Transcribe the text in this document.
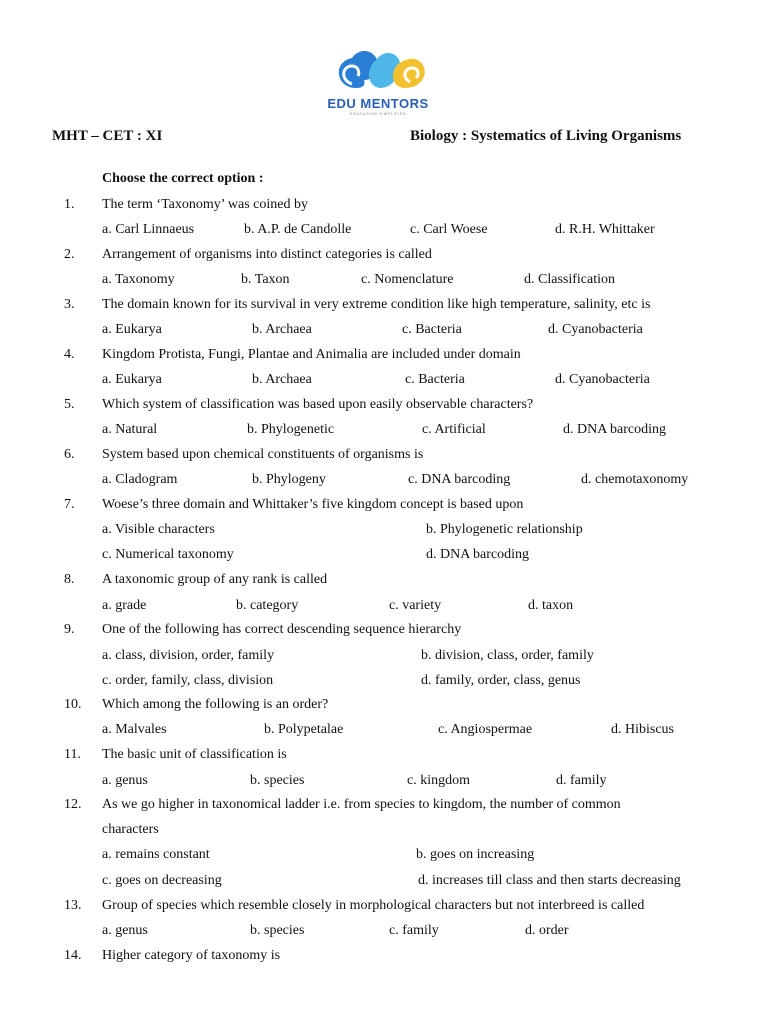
EDU MENTORS
EDUCATION SIMPLIFIED
MHT – CET : XI	Biology : Systematics of Living Organisms
Choose the correct option :
1. The term ‘Taxonomy’ was coined by
a. Carl Linnaeus	b. A.P. de Candolle	c. Carl Woese	d. R.H. Whittaker
2. Arrangement of organisms into distinct categories is called
a. Taxonomy	b. Taxon	c. Nomenclature	d. Classification
3. The domain known for its survival in very extreme condition like high temperature, salinity, etc is
a. Eukarya	b. Archaea	c. Bacteria	d. Cyanobacteria
4. Kingdom Protista, Fungi, Plantae and Animalia are included under domain
a. Eukarya	b. Archaea	c. Bacteria	d. Cyanobacteria
5. Which system of classification was based upon easily observable characters?
a. Natural	b. Phylogenetic	c. Artificial	d. DNA barcoding
6. System based upon chemical constituents of organisms is
a. Cladogram	b. Phylogeny	c. DNA barcoding	d. chemotaxonomy
7. Woese’s three domain and Whittaker’s five kingdom concept is based upon
a. Visible characters	b. Phylogenetic relationship
c. Numerical taxonomy	d. DNA barcoding
8. A taxonomic group of any rank is called
a. grade	b. category	c. variety	d. taxon
9. One of the following has correct descending sequence hierarchy
a. class, division, order, family	b. division, class, order, family
c. order, family, class, division	d. family, order, class, genus
10. Which among the following is an order?
a. Malvales	b. Polypetalae	c. Angiospermae	d. Hibiscus
11. The basic unit of classification is
a. genus	b. species	c. kingdom	d. family
12. As we go higher in taxonomical ladder i.e. from species to kingdom, the number of common
characters
a. remains constant	b. goes on increasing
c. goes on decreasing	d. increases till class and then starts decreasing
13. Group of species which resemble closely in morphological characters but not interbreed is called
a. genus	b. species	c. family	d. order
14. Higher category of taxonomy is
